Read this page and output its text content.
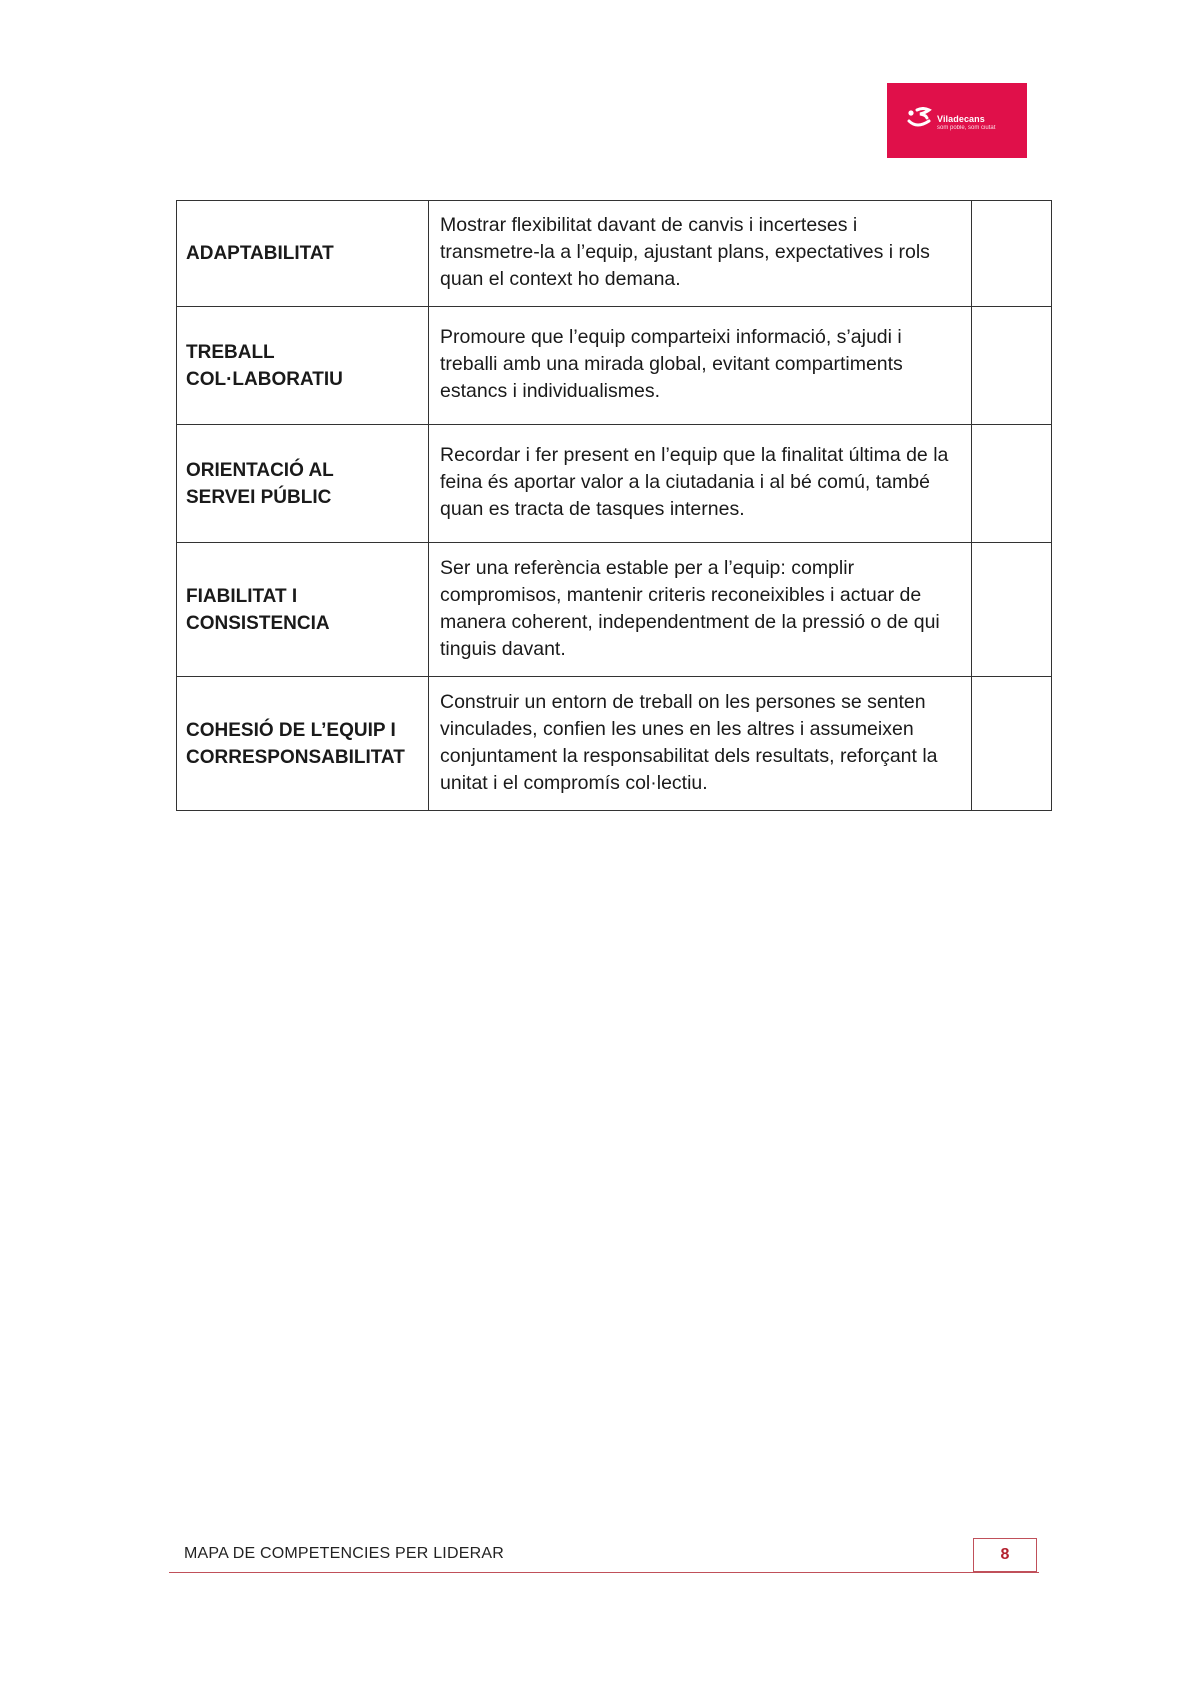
Viladecans
som poble, som ciutat
ADAPTABILITAT	Mostrar flexibilitat davant de canvis i incerteses i transmetre-la a l’equip, ajustant plans, expectatives i rols quan el context ho demana.	

TREBALL
COL·LABORATIU	Promoure que l’equip comparteixi informació, s’ajudi i treballi amb una mirada global, evitant compartiments estancs i individualismes.	

ORIENTACIÓ AL
SERVEI PÚBLIC	Recordar i fer present en l’equip que la finalitat última de la feina és aportar valor a la ciutadania i al bé comú, també quan es tracta de tasques internes.	

FIABILITAT I
CONSISTENCIA	Ser una referència estable per a l’equip: complir compromisos, mantenir criteris reconeixibles i actuar de manera coherent, independentment de la pressió o de qui tinguis davant.	

COHESIÓ DE L’EQUIP I
CORRESPONSABILITAT	Construir un entorn de treball on les persones se senten vinculades, confien les unes en les altres i assumeixen conjuntament la responsabilitat dels resultats, reforçant la unitat i el compromís col·lectiu.	
MAPA DE COMPETENCIES PER LIDERAR	8
